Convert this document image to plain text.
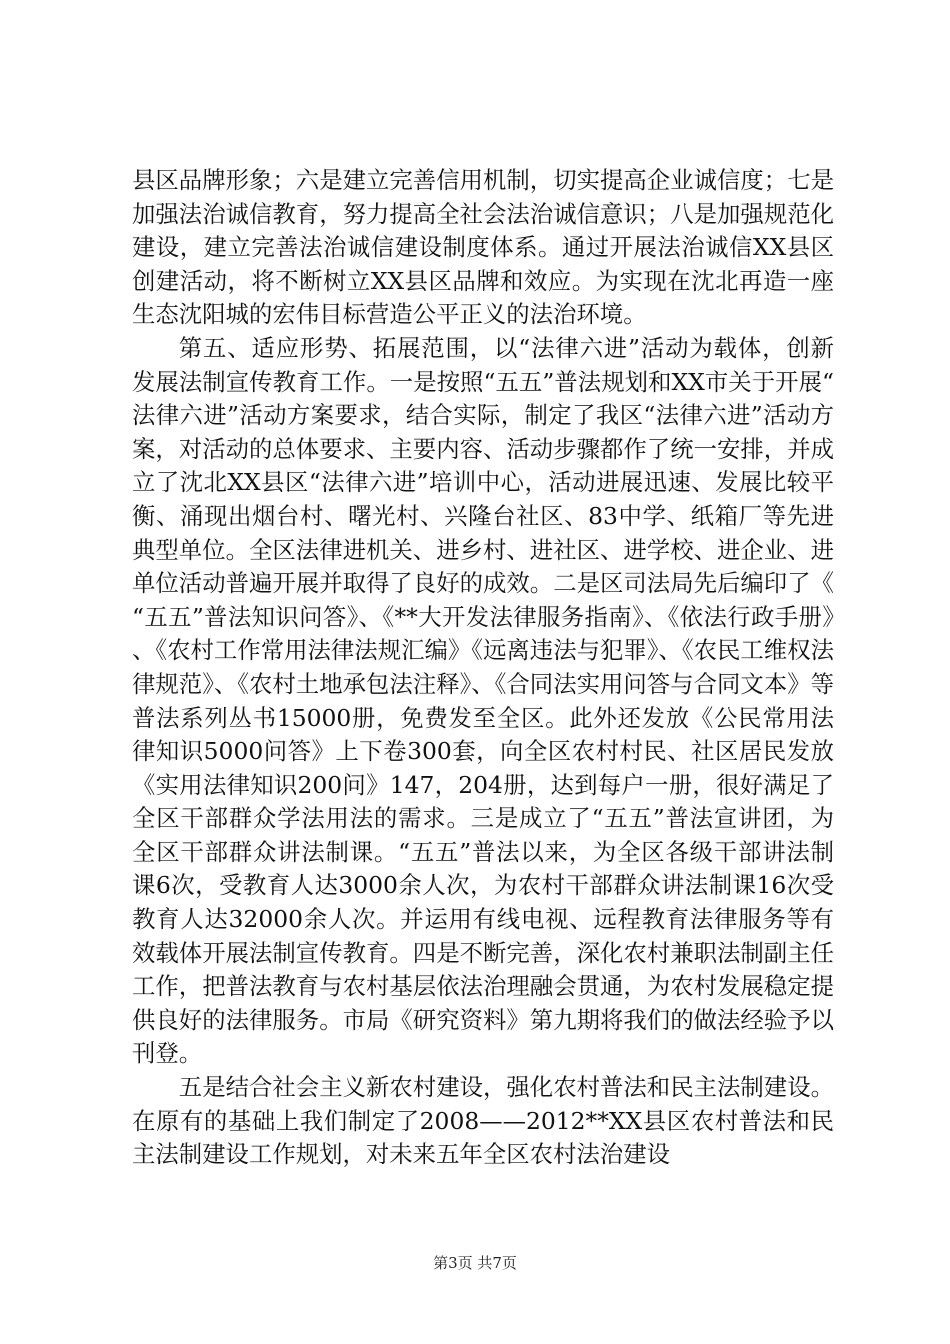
县区品牌形象；六是建立完善信用机制，切实提高企业诚信度；七是加强法治诚信教育，努力提高全社会法治诚信意识；八是加强规范化建设，建立完善法治诚信建设制度体系。通过开展法治诚信XX县区创建活动，将不断树立XX县区品牌和效应。为实现在沈北再造一座生态沈阳城的宏伟目标营造公平正义的法治环境。

第五、适应形势、拓展范围，以“法律六进”活动为载体，创新发展法制宣传教育工作。一是按照“五五”普法规划和XX市关于开展“法律六进”活动方案要求，结合实际，制定了我区“法律六进”活动方案，对活动的总体要求、主要内容、活动步骤都作了统一安排，并成立了沈北XX县区“法律六进”培训中心，活动进展迅速、发展比较平衡、涌现出烟台村、曙光村、兴隆台社区、83中学、纸箱厂等先进典型单位。全区法律进机关、进乡村、进社区、进学校、进企业、进单位活动普遍开展并取得了良好的成效。二是区司法局先后编印了《“五五”普法知识问答》、《**大开发法律服务指南》、《依法行政手册》、《农村工作常用法律法规汇编》《远离违法与犯罪》、《农民工维权法律规范》、《农村土地承包法注释》、《合同法实用问答与合同文本》等普法系列丛书15000册，免费发至全区。此外还发放《公民常用法律知识5000问答》上下卷300套，向全区农村村民、社区居民发放《实用法律知识200问》147，204册，达到每户一册，很好满足了全区干部群众学法用法的需求。三是成立了“五五”普法宣讲团，为全区干部群众讲法制课。“五五”普法以来，为全区各级干部讲法制课6次，受教育人达3000余人次，为农村干部群众讲法制课16次受教育人达32000余人次。并运用有线电视、远程教育法律服务等有效载体开展法制宣传教育。四是不断完善，深化农村兼职法制副主任工作，把普法教育与农村基层依法治理融会贯通，为农村发展稳定提供良好的法律服务。市局《研究资料》第九期将我们的做法经验予以刊登。

五是结合社会主义新农村建设，强化农村普法和民主法制建设。在原有的基础上我们制定了2008——2012**XX县区农村普法和民主法制建设工作规划，对未来五年全区农村法治建设

第3页 共7页
